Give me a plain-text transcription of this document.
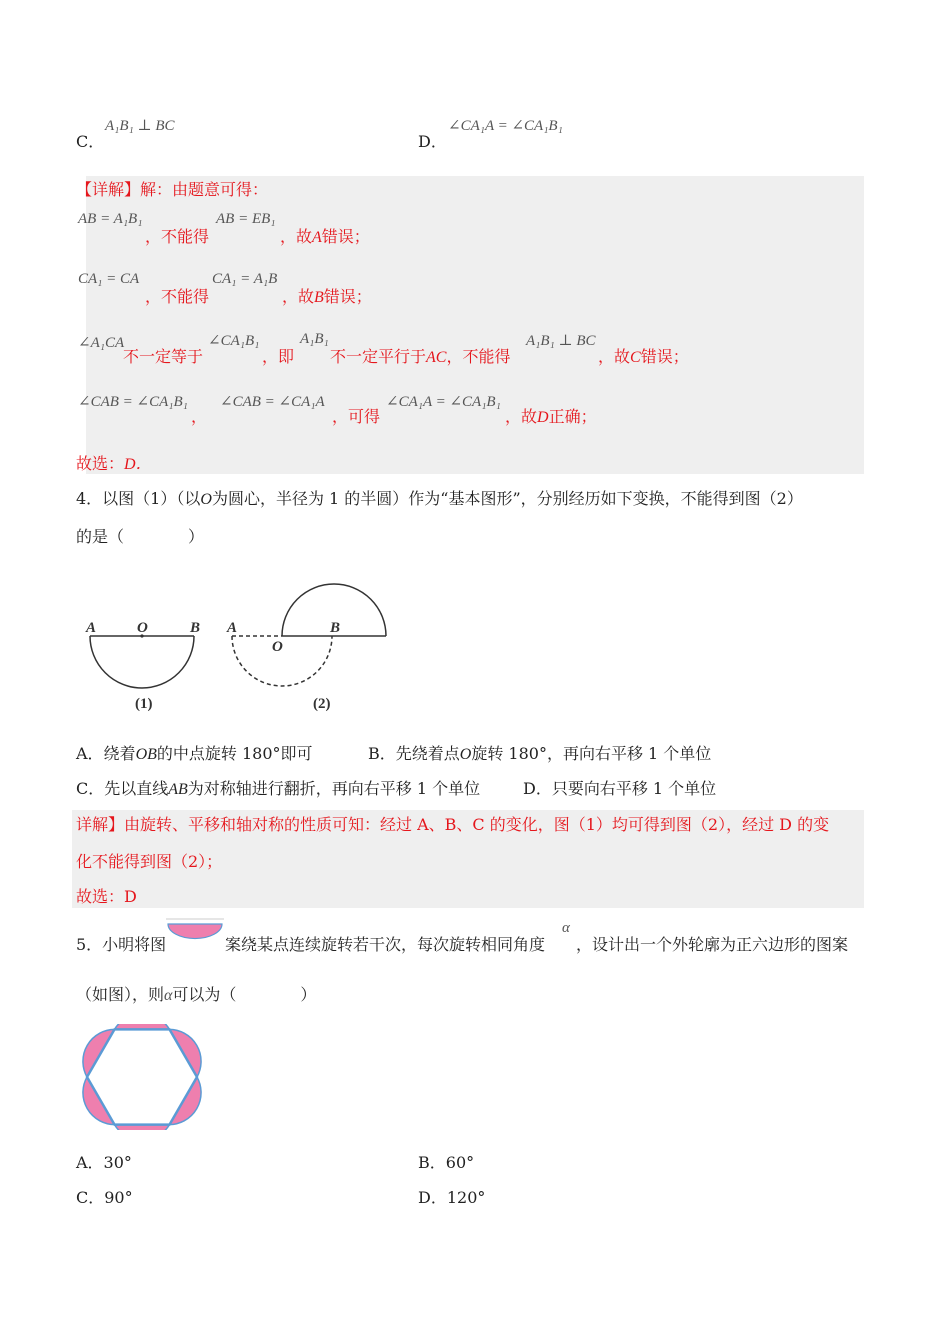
C．
A₁B₁ ⊥ BC
D．
∠CA₁A = ∠CA₁B₁
【详解】解：由题意可得：
AB = A₁B₁
，不能得
AB = EB₁
，故A错误；
CA₁ = CA
，不能得
CA₁ = A₁B
，故B错误；
∠A₁CA
不一定等于
∠CA₁B₁
，即
A₁B₁
不一定平行于AC，不能得
A₁B₁ ⊥ BC
，故C错误；
∠CAB = ∠CA₁B₁
，
∠CAB = ∠CA₁A
，可得
∠CA₁A = ∠CA₁B₁
，故D正确；
故选：D．
4．以图（1）（以O为圆心，半径为 1 的半圆）作为“基本图形”，分别经历如下变换，不能得到图（2）
的是（　　　　）
A	O	B
(1)
A	B
O
(2)
A．绕着OB的中点旋转 180°即可	B．先绕着点O旋转 180°，再向右平移 1 个单位
C．先以直线AB为对称轴进行翻折，再向右平移 1 个单位	D．只要向右平移 1 个单位
详解】由旋转、平移和轴对称的性质可知：经过 A、B、C 的变化，图（1）均可得到图（2），经过 D 的变
化不能得到图（2）；
故选：D
5．小明将图	案绕某点连续旋转若干次，每次旋转相同角度
α
，设计出一个外轮廓为正六边形的图案
（如图），则α可以为（　　　　）
A．30°	B．60°
C．90°	D．120°
